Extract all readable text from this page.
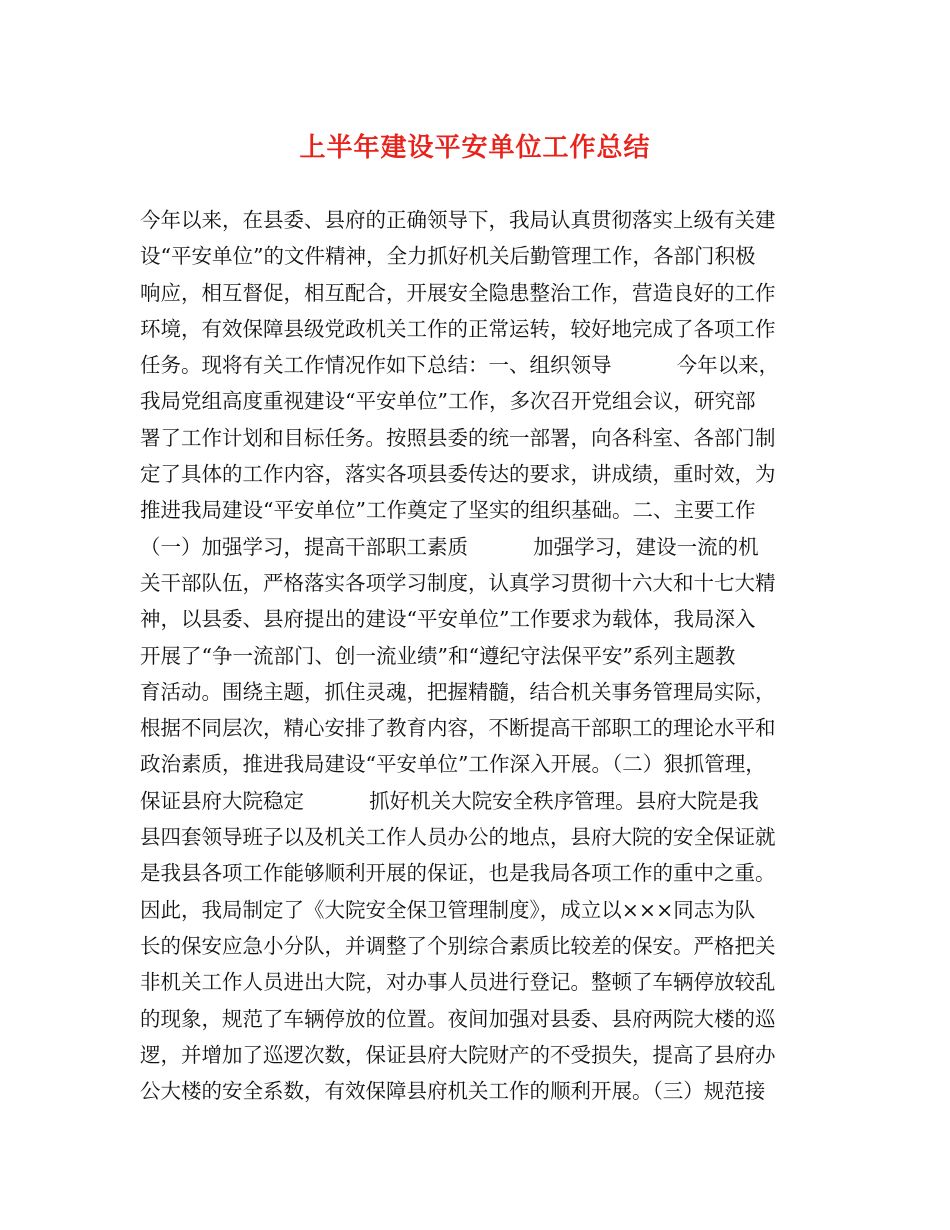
上半年建设平安单位工作总结
今年以来，在县委、县府的正确领导下，我局认真贯彻落实上级有关建
设“平安单位”的文件精神，全力抓好机关后勤管理工作，各部门积极
响应，相互督促，相互配合，开展安全隐患整治工作，营造良好的工作
环境，有效保障县级党政机关工作的正常运转，较好地完成了各项工作
任务。现将有关工作情况作如下总结：一、组织领导          今年以来，
我局党组高度重视建设“平安单位”工作，多次召开党组会议，研究部
署了工作计划和目标任务。按照县委的统一部署，向各科室、各部门制
定了具体的工作内容，落实各项县委传达的要求，讲成绩，重时效，为
推进我局建设“平安单位”工作奠定了坚实的组织基础。二、主要工作
（一）加强学习，提高干部职工素质          加强学习，建设一流的机
关干部队伍，严格落实各项学习制度，认真学习贯彻十六大和十七大精
神，以县委、县府提出的建设“平安单位”工作要求为载体，我局深入
开展了“争一流部门、创一流业绩”和“遵纪守法保平安”系列主题教
育活动。围绕主题，抓住灵魂，把握精髓，结合机关事务管理局实际，
根据不同层次，精心安排了教育内容，不断提高干部职工的理论水平和
政治素质，推进我局建设“平安单位”工作深入开展。（二）狠抓管理，
保证县府大院稳定          抓好机关大院安全秩序管理。县府大院是我
县四套领导班子以及机关工作人员办公的地点，县府大院的安全保证就
是我县各项工作能够顺利开展的保证，也是我局各项工作的重中之重。
因此，我局制定了《大院安全保卫管理制度》，成立以×××同志为队
长的保安应急小分队，并调整了个别综合素质比较差的保安。严格把关
非机关工作人员进出大院，对办事人员进行登记。整顿了车辆停放较乱
的现象，规范了车辆停放的位置。夜间加强对县委、县府两院大楼的巡
逻，并增加了巡逻次数，保证县府大院财产的不受损失，提高了县府办
公大楼的安全系数，有效保障县府机关工作的顺利开展。（三）规范接
